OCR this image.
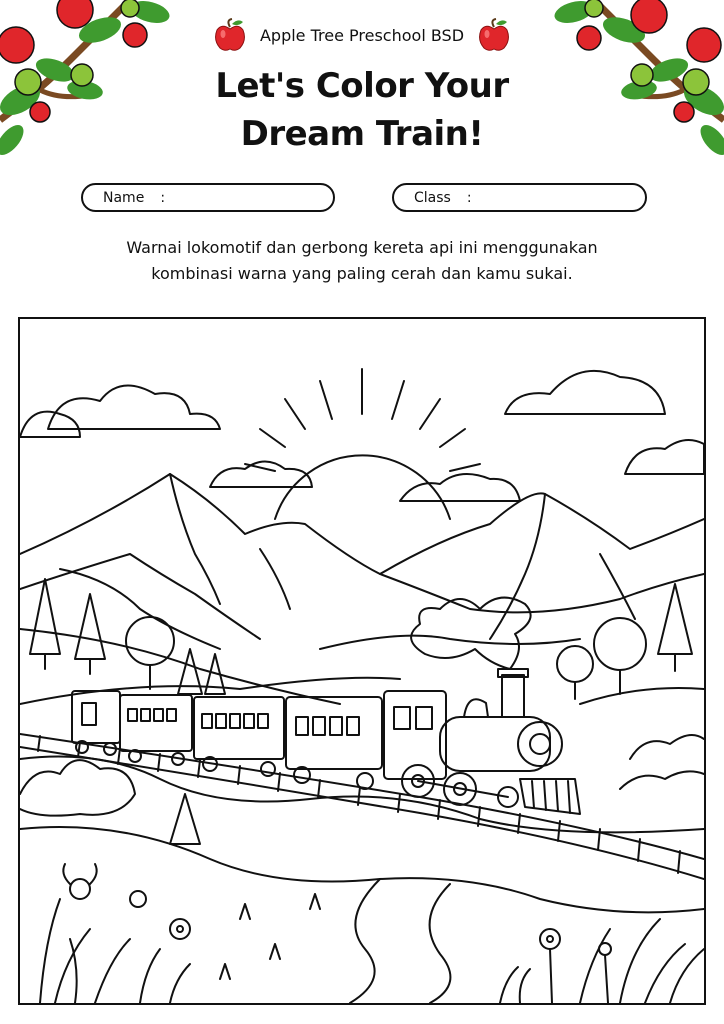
Apple Tree Preschool BSD
Let's Color Your
Dream Train!
Name :	Class :
Warnai lokomotif dan gerbong kereta api ini menggunakan
kombinasi warna yang paling cerah dan kamu sukai.
